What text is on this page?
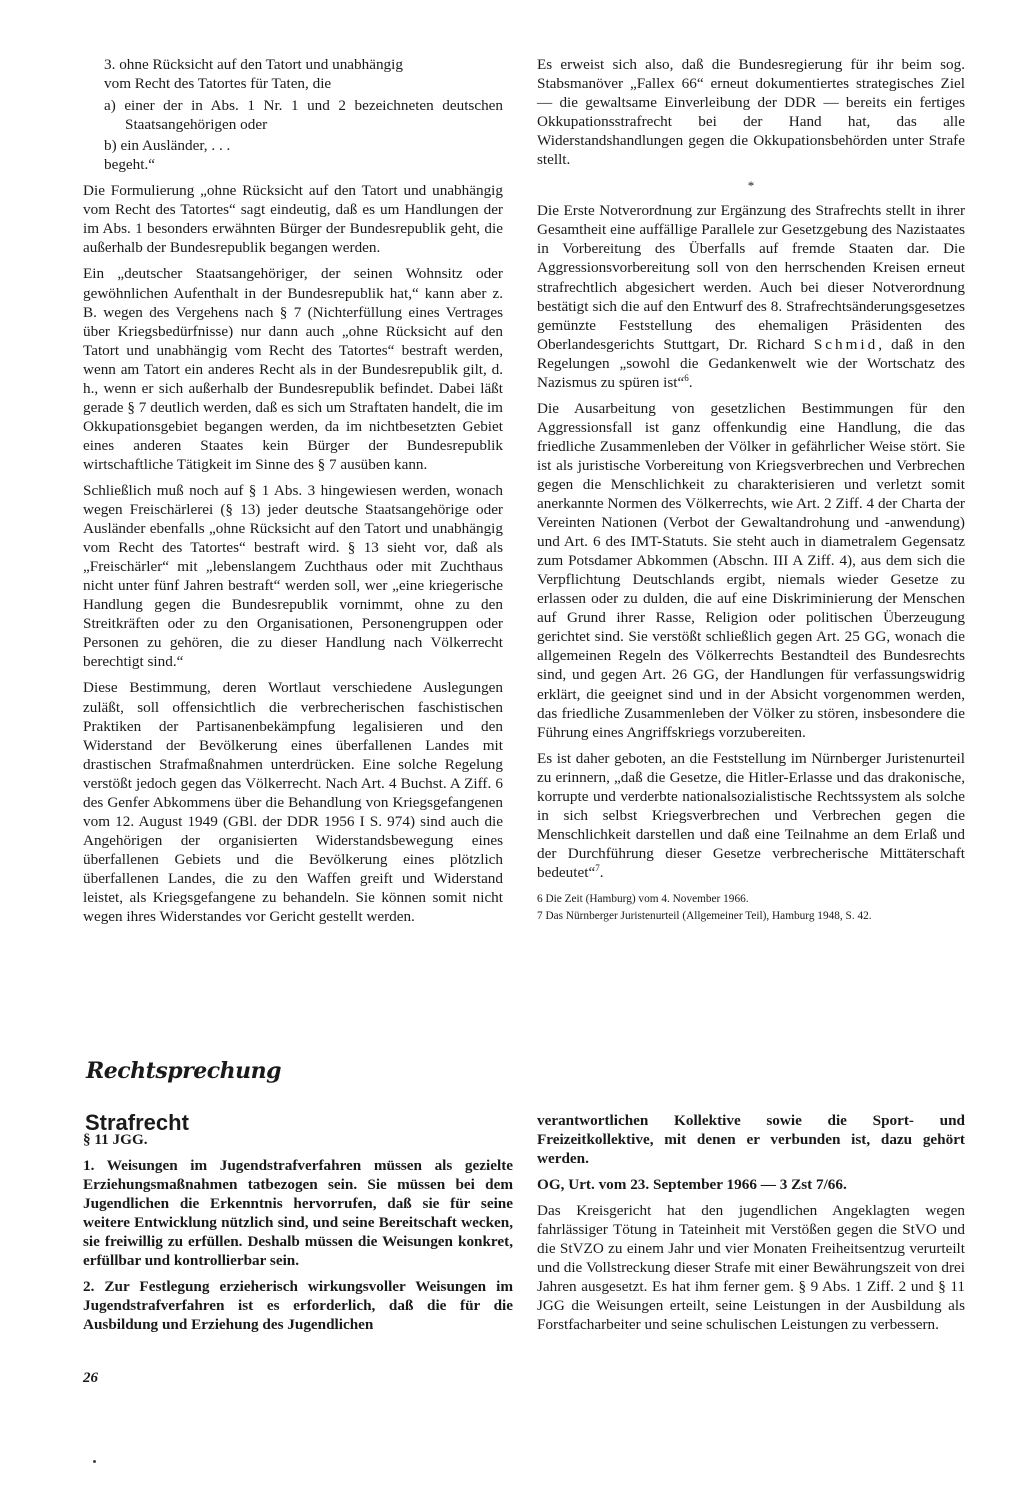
3. ohne Rücksicht auf den Tatort und unabhängig
vom Recht des Tatortes für Taten, die

a) einer der in Abs. 1 Nr. 1 und 2 bezeichneten deutschen Staatsangehörigen oder

b) ein Ausländer, . . .

begeht.“

Die Formulierung „ohne Rücksicht auf den Tatort und unabhängig vom Recht des Tatortes“ sagt eindeutig, daß es um Handlungen der im Abs. 1 besonders erwähnten Bürger der Bundesrepublik geht, die außerhalb der Bundesrepublik begangen werden.

Ein „deutscher Staatsangehöriger, der seinen Wohnsitz oder gewöhnlichen Aufenthalt in der Bundesrepublik hat,“ kann aber z. B. wegen des Vergehens nach § 7 (Nichterfüllung eines Vertrages über Kriegsbedürfnisse) nur dann auch „ohne Rücksicht auf den Tatort und unabhängig vom Recht des Tatortes“ bestraft werden, wenn am Tatort ein anderes Recht als in der Bundesrepublik gilt, d. h., wenn er sich außerhalb der Bundesrepublik befindet. Dabei läßt gerade § 7 deutlich werden, daß es sich um Straftaten handelt, die im Okkupationsgebiet begangen werden, da im nichtbesetzten Gebiet eines anderen Staates kein Bürger der Bundesrepublik wirtschaftliche Tätigkeit im Sinne des § 7 ausüben kann.

Schließlich muß noch auf § 1 Abs. 3 hingewiesen werden, wonach wegen Freischärlerei (§ 13) jeder deutsche Staatsangehörige oder Ausländer ebenfalls „ohne Rücksicht auf den Tatort und unabhängig vom Recht des Tatortes“ bestraft wird. § 13 sieht vor, daß als „Freischärler“ mit „lebenslangem Zuchthaus oder mit Zuchthaus nicht unter fünf Jahren bestraft“ werden soll, wer „eine kriegerische Handlung gegen die Bundesrepublik vornimmt, ohne zu den Streitkräften oder zu den Organisationen, Personengruppen oder Personen zu gehören, die zu dieser Handlung nach Völkerrecht berechtigt sind.“

Diese Bestimmung, deren Wortlaut verschiedene Auslegungen zuläßt, soll offensichtlich die verbrecherischen faschistischen Praktiken der Partisanenbekämpfung legalisieren und den Widerstand der Bevölkerung eines überfallenen Landes mit drastischen Strafmaßnahmen unterdrücken. Eine solche Regelung verstößt jedoch gegen das Völkerrecht. Nach Art. 4 Buchst. A Ziff. 6 des Genfer Abkommens über die Behandlung von Kriegsgefangenen vom 12. August 1949 (GBl. der DDR 1956 I S. 974) sind auch die Angehörigen der organisierten Widerstandsbewegung eines überfallenen Gebiets und die Bevölkerung eines plötzlich überfallenen Landes, die zu den Waffen greift und Widerstand leistet, als Kriegsgefangene zu behandeln. Sie können somit nicht wegen ihres Widerstandes vor Gericht gestellt werden.

Es erweist sich also, daß die Bundesregierung für ihr beim sog. Stabsmanöver „Fallex 66“ erneut dokumentiertes strategisches Ziel — die gewaltsame Einverleibung der DDR — bereits ein fertiges Okkupationsstrafrecht bei der Hand hat, das alle Widerstandshandlungen gegen die Okkupationsbehörden unter Strafe stellt.

*

Die Erste Notverordnung zur Ergänzung des Strafrechts stellt in ihrer Gesamtheit eine auffällige Parallele zur Gesetzgebung des Nazistaates in Vorbereitung des Überfalls auf fremde Staaten dar. Die Aggressionsvorbereitung soll von den herrschenden Kreisen erneut strafrechtlich abgesichert werden. Auch bei dieser Notverordnung bestätigt sich die auf den Entwurf des 8. Strafrechtsänderungsgesetzes gemünzte Feststellung des ehemaligen Präsidenten des Oberlandesgerichts Stuttgart, Dr. Richard Schmid, daß in den Regelungen „sowohl die Gedankenwelt wie der Wortschatz des Nazismus zu spüren ist“$^6$.

Die Ausarbeitung von gesetzlichen Bestimmungen für den Aggressionsfall ist ganz offenkundig eine Handlung, die das friedliche Zusammenleben der Völker in gefährlicher Weise stört. Sie ist als juristische Vorbereitung von Kriegsverbrechen und Verbrechen gegen die Menschlichkeit zu charakterisieren und verletzt somit anerkannte Normen des Völkerrechts, wie Art. 2 Ziff. 4 der Charta der Vereinten Nationen (Verbot der Gewaltandrohung und -anwendung) und Art. 6 des IMT-Statuts. Sie steht auch in diametralem Gegensatz zum Potsdamer Abkommen (Abschn. III A Ziff. 4), aus dem sich die Verpflichtung Deutschlands ergibt, niemals wieder Gesetze zu erlassen oder zu dulden, die auf eine Diskriminierung der Menschen auf Grund ihrer Rasse, Religion oder politischen Überzeugung gerichtet sind. Sie verstößt schließlich gegen Art. 25 GG, wonach die allgemeinen Regeln des Völkerrechts Bestandteil des Bundesrechts sind, und gegen Art. 26 GG, der Handlungen für verfassungswidrig erklärt, die geeignet sind und in der Absicht vorgenommen werden, das friedliche Zusammenleben der Völker zu stören, insbesondere die Führung eines Angriffskriegs vorzubereiten.

Es ist daher geboten, an die Feststellung im Nürnberger Juristenurteil zu erinnern, „daß die Gesetze, die Hitler-Erlasse und das drakonische, korrupte und verderbte nationalsozialistische Rechtssystem als solche in sich selbst Kriegsverbrechen und Verbrechen gegen die Menschlichkeit darstellen und daß eine Teilnahme an dem Erlaß und der Durchführung dieser Gesetze verbrecherische Mittäterschaft bedeutet“$^7$.

6 Die Zeit (Hamburg) vom 4. November 1966.

7 Das Nürnberger Juristenurteil (Allgemeiner Teil), Hamburg 1948, S. 42.

Rechtsprechung
Strafrecht

§ 11 JGG.

1. Weisungen im Jugendstrafverfahren müssen als gezielte Erziehungsmaßnahmen tatbezogen sein. Sie müssen bei dem Jugendlichen die Erkenntnis hervorrufen, daß sie für seine weitere Entwicklung nützlich sind, und seine Bereitschaft wecken, sie freiwillig zu erfüllen. Deshalb müssen die Weisungen konkret, erfüllbar und kontrollierbar sein.

2. Zur Festlegung erzieherisch wirkungsvoller Weisungen im Jugendstrafverfahren ist es erforderlich, daß die für die Ausbildung und Erziehung des Jugendlichen

verantwortlichen Kollektive sowie die Sport- und Freizeitkollektive, mit denen er verbunden ist, dazu gehört werden.

OG, Urt. vom 23. September 1966 — 3 Zst 7/66.

Das Kreisgericht hat den jugendlichen Angeklagten wegen fahrlässiger Tötung in Tateinheit mit Verstößen gegen die StVO und die StVZO zu einem Jahr und vier Monaten Freiheitsentzug verurteilt und die Vollstreckung dieser Strafe mit einer Bewährungszeit von drei Jahren ausgesetzt. Es hat ihm ferner gem. § 9 Abs. 1 Ziff. 2 und § 11 JGG die Weisungen erteilt, seine Leistungen in der Ausbildung als Forstfacharbeiter und seine schulischen Leistungen zu verbessern.

26
